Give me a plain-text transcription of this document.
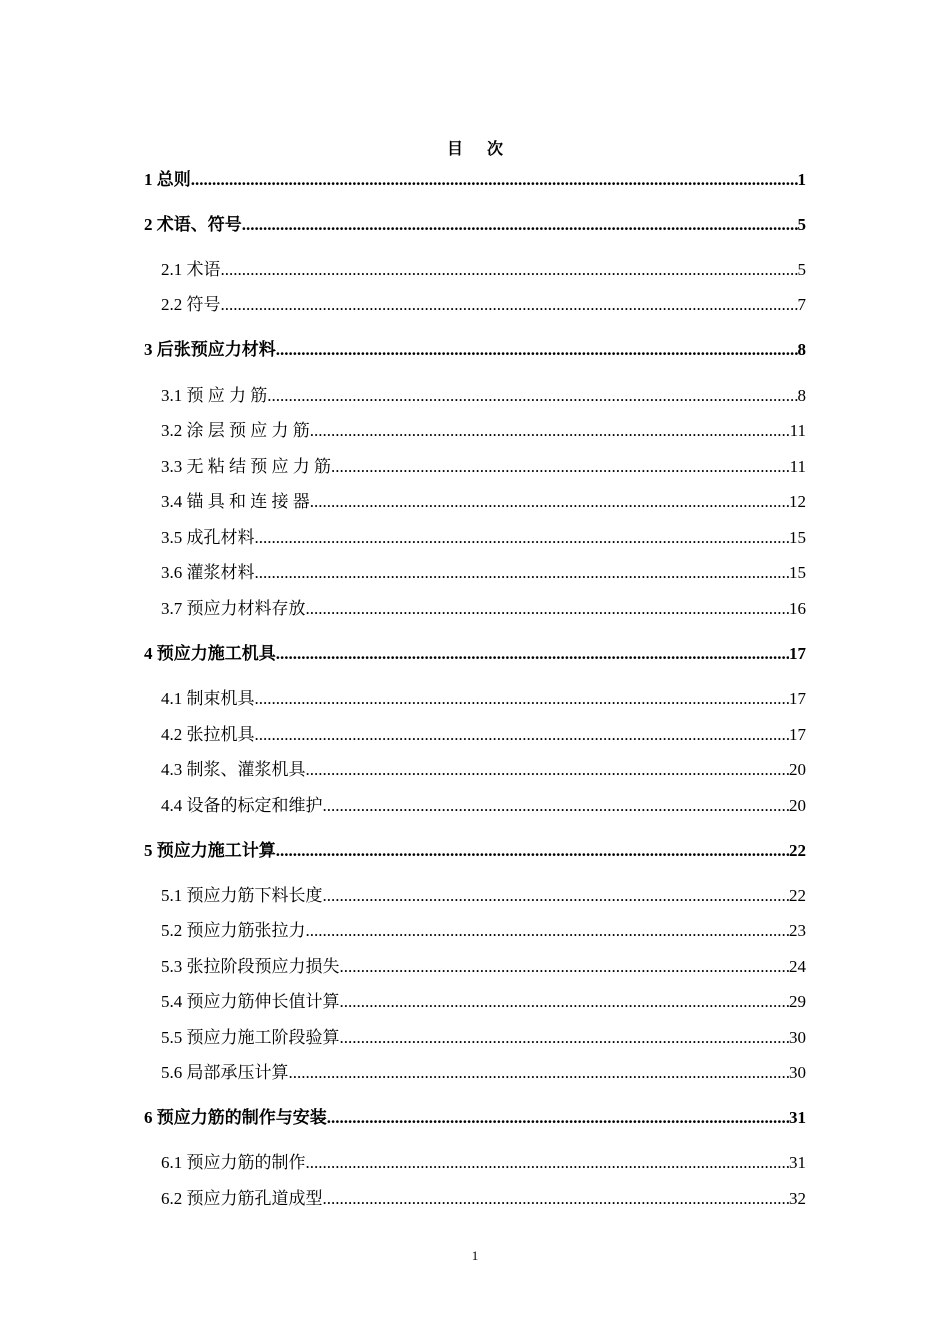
目      次
1 总则 .....	1
2 术语、符号 .....	5
2.1 术语 .....	5
2.2 符号 .....	7
3 后张预应力材料 .....	8
3.1 预 应 力 筋 .....	8
3.2 涂 层 预 应 力 筋 .....	11
3.3 无 粘 结 预 应 力 筋 .....	11
3.4 锚 具 和 连 接 器 .....	12
3.5 成孔材料 .....	15
3.6 灌浆材料 .....	15
3.7 预应力材料存放 .....	16
4 预应力施工机具 .....	17
4.1 制束机具 .....	17
4.2 张拉机具 .....	17
4.3 制浆、灌浆机具 .....	20
4.4 设备的标定和维护 .....	20
5 预应力施工计算 .....	22
5.1 预应力筋下料长度 .....	22
5.2 预应力筋张拉力 .....	23
5.3 张拉阶段预应力损失 .....	24
5.4 预应力筋伸长值计算 .....	29
5.5 预应力施工阶段验算 .....	30
5.6 局部承压计算 .....	30
6 预应力筋的制作与安装 .....	31
6.1 预应力筋的制作 .....	31
6.2 预应力筋孔道成型 .....	32
1
